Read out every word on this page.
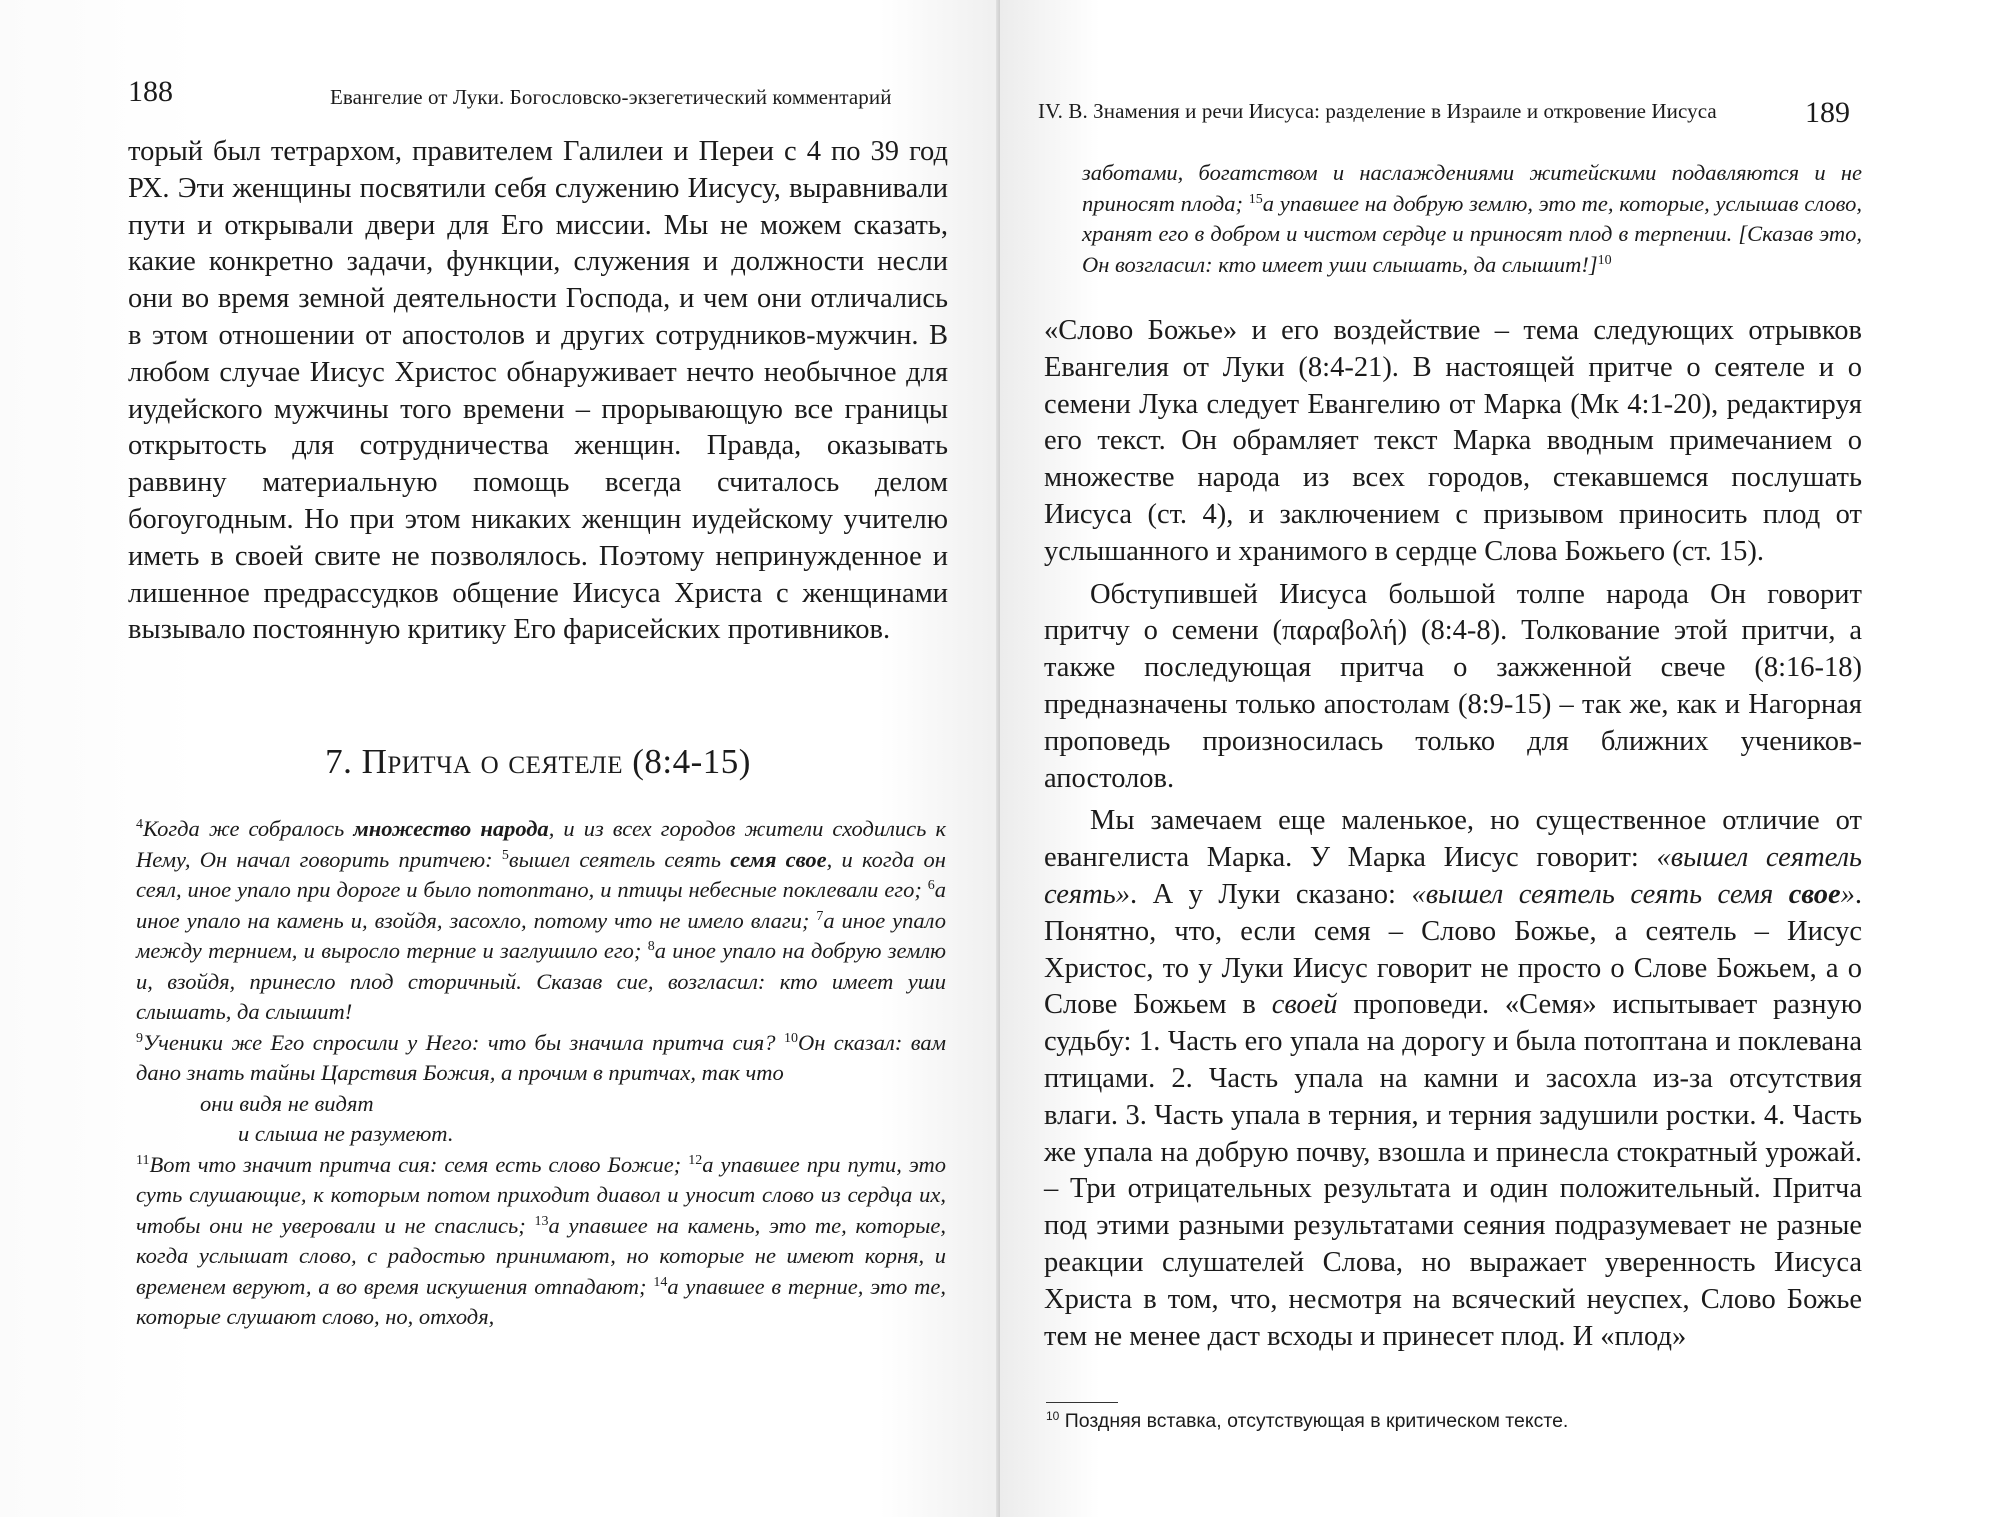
188	Евангелие от Луки. Богословско-экзегетический комментарий

торый был тетрархом, правителем Галилеи и Переи с 4 по 39 год РХ. Эти женщины посвятили себя служению Иисусу, выравнивали пути и открывали двери для Его миссии. Мы не можем сказать, какие конкретно задачи, функции, служения и должности несли они во время земной деятельности Господа, и чем они отличались в этом отношении от апостолов и других сотрудников-мужчин. В любом случае Иисус Христос обнаруживает нечто необычное для иудейского мужчины того времени – прорывающую все границы открытость для сотрудничества женщин. Правда, оказывать раввину материальную помощь всегда считалось делом богоугодным. Но при этом никаких женщин иудейскому учителю иметь в своей свите не позволялось. Поэтому непринужденное и лишенное предрассудков общение Иисуса Христа с женщинами вызывало постоянную критику Его фарисейских противников.

7. Притча о сеятеле (8:4-15)

$^4$Когда же собралось множество народа, и из всех городов жители сходились к Нему, Он начал говорить притчею: $^5$вышел сеятель сеять семя свое, и когда он сеял, иное упало при дороге и было потоптано, и птицы небесные поклевали его; $^6$а иное упало на камень и, взойдя, засохло, потому что не имело влаги; $^7$а иное упало между тернием, и выросло терние и заглушило его; $^8$а иное упало на добрую землю и, взойдя, принесло плод сторичный. Сказав сие, возгласил: кто имеет уши слышать, да слышит!
$^9$Ученики же Его спросили у Него: что бы значила притча сия? $^{10}$Он сказал: вам дано знать тайны Царствия Божия, а прочим в притчах, так что

они видя не видят

и слыша не разумеют.

$^{11}$Вот что значит притча сия: семя есть слово Божие; $^{12}$а упавшее при пути, это суть слушающие, к которым потом приходит диавол и уносит слово из сердца их, чтобы они не уверовали и не спаслись; $^{13}$а упавшее на камень, это те, которые, когда услышат слово, с радостью принимают, но которые не имеют корня, и временем веруют, а во время искушения отпадают; $^{14}$а упавшее в терние, это те, которые слушают слово, но, отходя,

IV. В. Знамения и речи Иисуса: разделение в Израиле и откровение Иисуса	189

заботами, богатством и наслаждениями житейскими подавляются и не приносят плода; $^{15}$а упавшее на добрую землю, это те, которые, услышав слово, хранят его в добром и чистом сердце и приносят плод в терпении. [Сказав это, Он возгласил: кто имеет уши слышать, да слышит!]$^{10}$

«Слово Божье» и его воздействие – тема следующих отрывков Евангелия от Луки (8:4-21). В настоящей притче о сеятеле и о семени Лука следует Евангелию от Марка (Мк 4:1-20), редактируя его текст. Он обрамляет текст Марка вводным примечанием о множестве народа из всех городов, стекавшемся послушать Иисуса (ст. 4), и заключением с призывом приносить плод от услышанного и хранимого в сердце Слова Божьего (ст. 15).

Обступившей Иисуса большой толпе народа Он говорит притчу о семени (παραβολή) (8:4-8). Толкование этой притчи, а также последующая притча о зажженной свече (8:16-18) предназначены только апостолам (8:9-15) – так же, как и Нагорная проповедь произносилась только для ближних учеников-апостолов.

Мы замечаем еще маленькое, но существенное отличие от евангелиста Марка. У Марка Иисус говорит: «вышел сеятель сеять». А у Луки сказано: «вышел сеятель сеять семя свое». Понятно, что, если семя – Слово Божье, а сеятель – Иисус Христос, то у Луки Иисус говорит не просто о Слове Божьем, а о Слове Божьем в своей проповеди. «Семя» испытывает разную судьбу: 1. Часть его упала на дорогу и была потоптана и поклевана птицами. 2. Часть упала на камни и засохла из-за отсутствия влаги. 3. Часть упала в терния, и терния задушили ростки. 4. Часть же упала на добрую почву, взошла и принесла стократный урожай. – Три отрицательных результата и один положительный. Притча под этими разными результатами сеяния подразумевает не разные реакции слушателей Слова, но выражает уверенность Иисуса Христа в том, что, несмотря на всяческий неуспех, Слово Божье тем не менее даст всходы и принесет плод. И «плод»

$^{10}$ Поздняя вставка, отсутствующая в критическом тексте.
